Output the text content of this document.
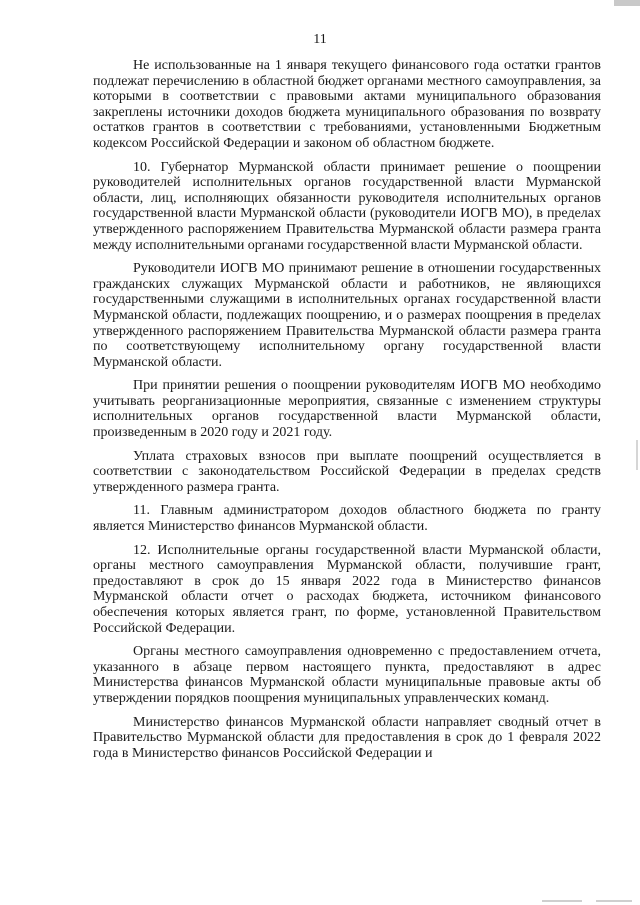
11

Не использованные на 1 января текущего финансового года остатки грантов подлежат перечислению в областной бюджет органами местного самоуправления, за которыми в соответствии с правовыми актами муниципального образования закреплены источники доходов бюджета муниципального образования по возврату остатков грантов в соответствии с требованиями, установленными Бюджетным кодексом Российской Федерации и законом об областном бюджете.

10. Губернатор Мурманской области принимает решение о поощрении руководителей исполнительных органов государственной власти Мурманской области, лиц, исполняющих обязанности руководителя исполнительных органов государственной власти Мурманской области (руководители ИОГВ МО), в пределах утвержденного распоряжением Правительства Мурманской области размера гранта между исполнительными органами государственной власти Мурманской области.

Руководители ИОГВ МО принимают решение в отношении государственных гражданских служащих Мурманской области и работников, не являющихся государственными служащими в исполнительных органах государственной власти Мурманской области, подлежащих поощрению, и о размерах поощрения в пределах утвержденного распоряжением Правительства Мурманской области размера гранта по соответствующему исполнительному органу государственной власти Мурманской области.

При принятии решения о поощрении руководителям ИОГВ МО необходимо учитывать реорганизационные мероприятия, связанные с изменением структуры исполнительных органов государственной власти Мурманской области, произведенным в 2020 году и 2021 году.

Уплата страховых взносов при выплате поощрений осуществляется в соответствии с законодательством Российской Федерации в пределах средств утвержденного размера гранта.

11. Главным администратором доходов областного бюджета по гранту является Министерство финансов Мурманской области.

12. Исполнительные органы государственной власти Мурманской области, органы местного самоуправления Мурманской области, получившие грант, предоставляют в срок до 15 января 2022 года в Министерство финансов Мурманской области отчет о расходах бюджета, источником финансового обеспечения которых является грант, по форме, установленной Правительством Российской Федерации.

Органы местного самоуправления одновременно с предоставлением отчета, указанного в абзаце первом настоящего пункта, предоставляют в адрес Министерства финансов Мурманской области муниципальные правовые акты об утверждении порядков поощрения муниципальных управленческих команд.

Министерство финансов Мурманской области направляет сводный отчет в Правительство Мурманской области для предоставления в срок до 1 февраля 2022 года в Министерство финансов Российской Федерации и
